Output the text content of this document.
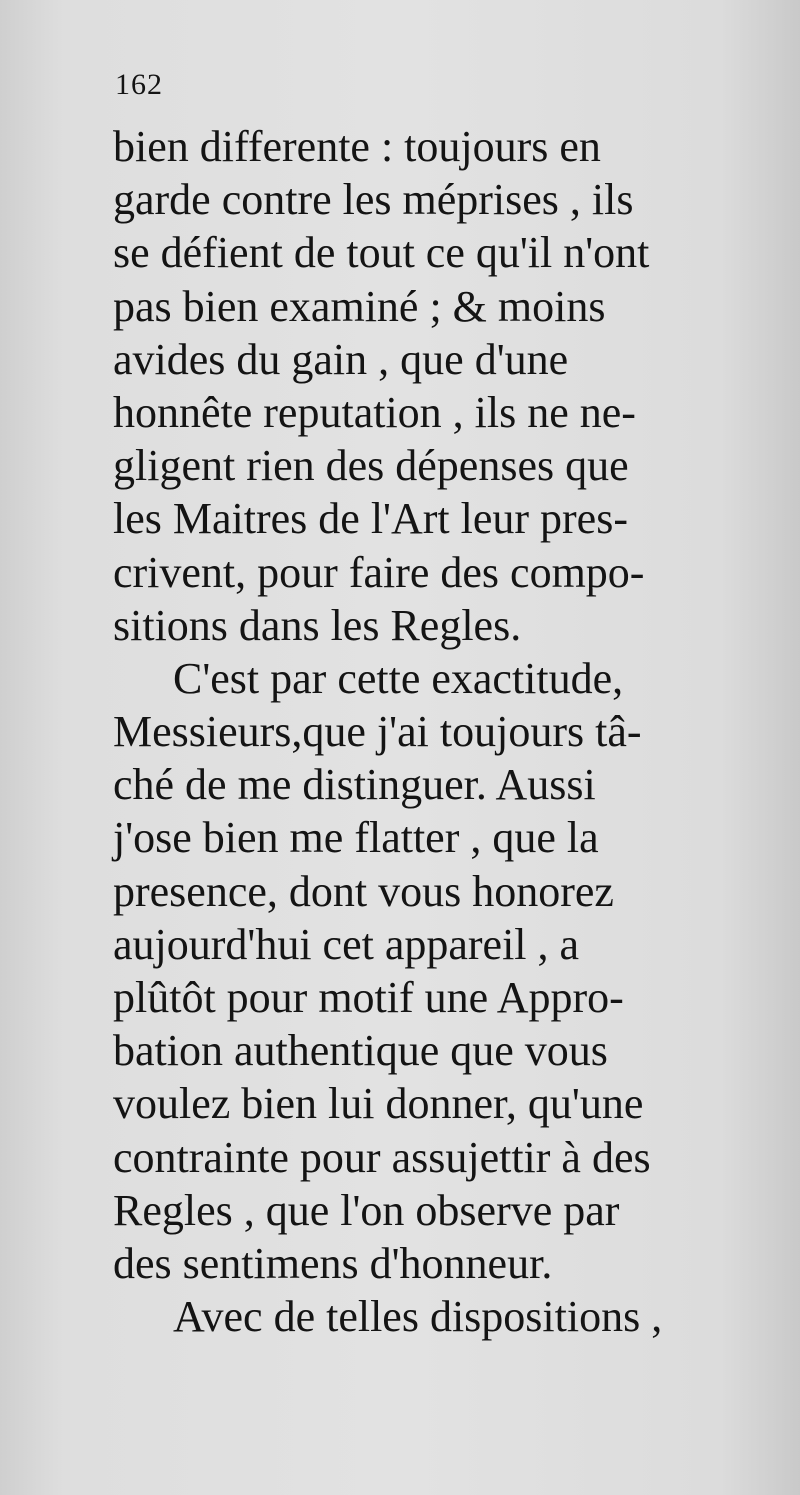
162
bien differente : toujours en
garde contre les méprises , ils
se défient de tout ce qu'il n'ont
pas bien examiné ; & moins
avides du gain , que d'une
honnête reputation , ils ne ne-
gligent rien des dépenses que
les Maitres de l'Art leur pres-
crivent, pour faire des compo-
sitions dans les Regles.
C'est par cette exactitude,
Messieurs,que j'ai toujours tâ-
ché de me distinguer. Aussi
j'ose bien me flatter , que la
presence, dont vous honorez
aujourd'hui cet appareil , a
plûtôt pour motif une Appro-
bation authentique que vous
voulez bien lui donner, qu'une
contrainte pour assujettir à des
Regles , que l'on observe par
des sentimens d'honneur.
Avec de telles dispositions ,
